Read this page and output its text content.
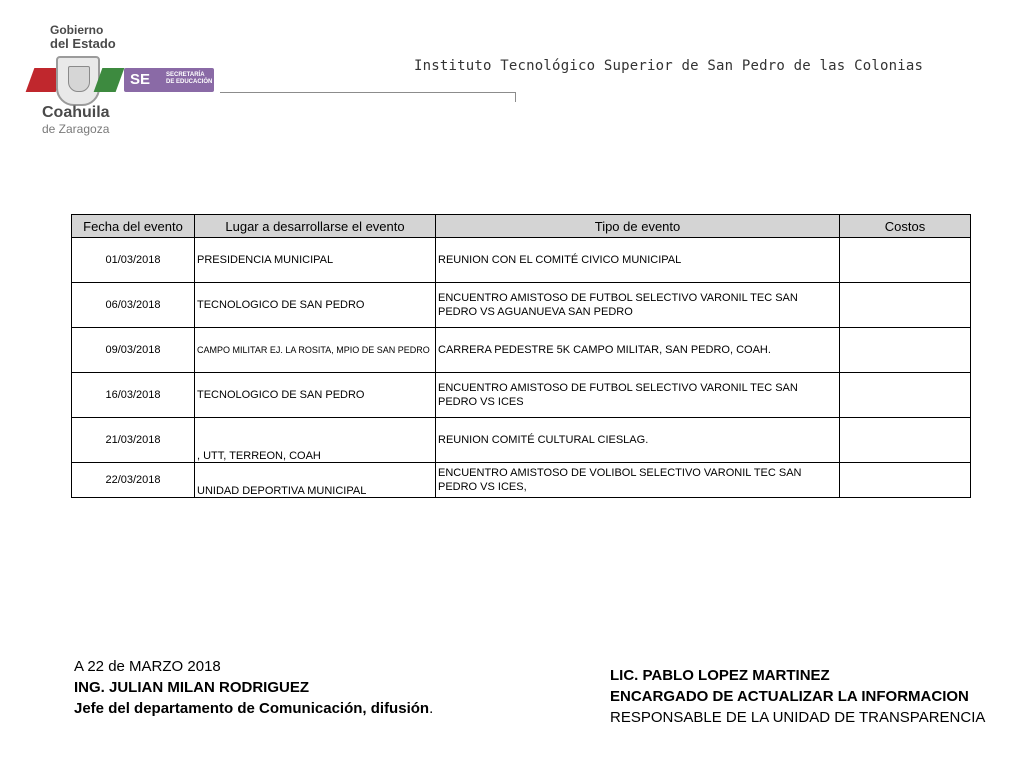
Gobierno
del Estado
SE	SECRETARÍA
DE EDUCACIÓN
Coahuila
de Zaragoza
Instituto Tecnológico Superior de San Pedro de las Colonias
Fecha del evento	Lugar a desarrollarse el evento	Tipo de evento	Costos
01/03/2018	PRESIDENCIA MUNICIPAL	REUNION CON EL COMITÉ CIVICO MUNICIPAL	
06/03/2018	TECNOLOGICO DE SAN PEDRO	ENCUENTRO AMISTOSO DE FUTBOL SELECTIVO VARONIL TEC SAN PEDRO VS AGUANUEVA SAN PEDRO	
09/03/2018	CAMPO MILITAR EJ. LA ROSITA, MPIO DE SAN PEDRO	CARRERA PEDESTRE 5K CAMPO MILITAR, SAN PEDRO, COAH.	
16/03/2018	TECNOLOGICO DE SAN PEDRO	ENCUENTRO AMISTOSO DE FUTBOL SELECTIVO VARONIL TEC SAN PEDRO VS ICES	
21/03/2018	, UTT, TERREON, COAH	REUNION COMITÉ CULTURAL CIESLAG.	
22/03/2018	UNIDAD DEPORTIVA MUNICIPAL	ENCUENTRO AMISTOSO DE VOLIBOL SELECTIVO VARONIL TEC SAN PEDRO VS ICES,	
A 22 de MARZO 2018
ING. JULIAN MILAN RODRIGUEZ
Jefe del departamento de Comunicación, difusión.
LIC. PABLO LOPEZ MARTINEZ
ENCARGADO DE ACTUALIZAR LA INFORMACION
RESPONSABLE DE LA UNIDAD DE TRANSPARENCIA
